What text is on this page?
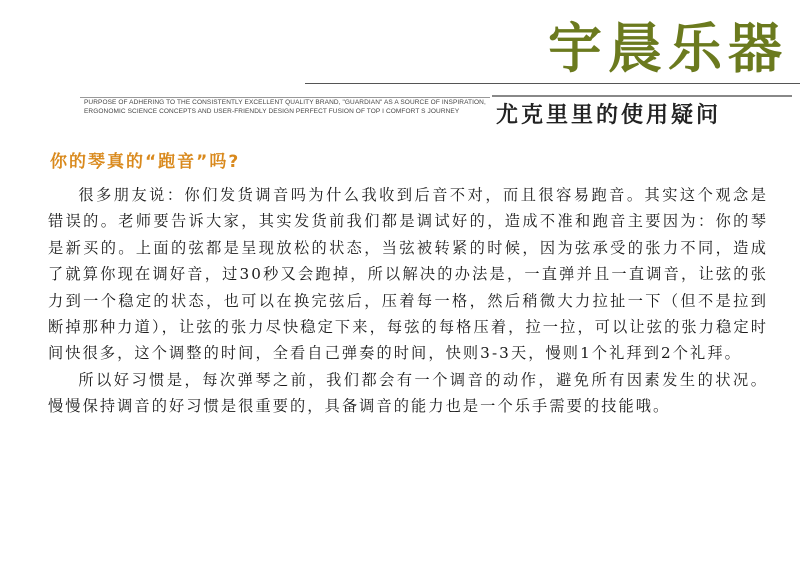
宇晨乐器
PURPOSE OF ADHERING TO THE CONSISTENTLY EXCELLENT QUALITY BRAND, "GUARDIAN" AS A SOURCE OF INSPIRATION,
ERGONOMIC SCIENCE CONCEPTS AND USER-FRIENDLY DESIGN PERFECT FUSION OF TOP I COMFORT S JOURNEY	尤克里里的使用疑问
你的琴真的“跑音”吗?

很多朋友说：你们发货调音吗为什么我收到后音不对，而且很容易跑音。其实这个观念是错误的。老师要告诉大家，其实发货前我们都是调试好的，造成不准和跑音主要因为：你的琴是新买的。上面的弦都是呈现放松的状态，当弦被转紧的时候，因为弦承受的张力不同，造成了就算你现在调好音，过30秒又会跑掉，所以解决的办法是，一直弹并且一直调音，让弦的张力到一个稳定的状态，也可以在换完弦后，压着每一格，然后稍微大力拉扯一下（但不是拉到断掉那种力道），让弦的张力尽快稳定下来，每弦的每格压着，拉一拉，可以让弦的张力稳定时间快很多，这个调整的时间，全看自己弹奏的时间，快则3-3天，慢则1个礼拜到2个礼拜。

所以好习惯是，每次弹琴之前，我们都会有一个调音的动作，避免所有因素发生的状况。慢慢保持调音的好习惯是很重要的，具备调音的能力也是一个乐手需要的技能哦。
